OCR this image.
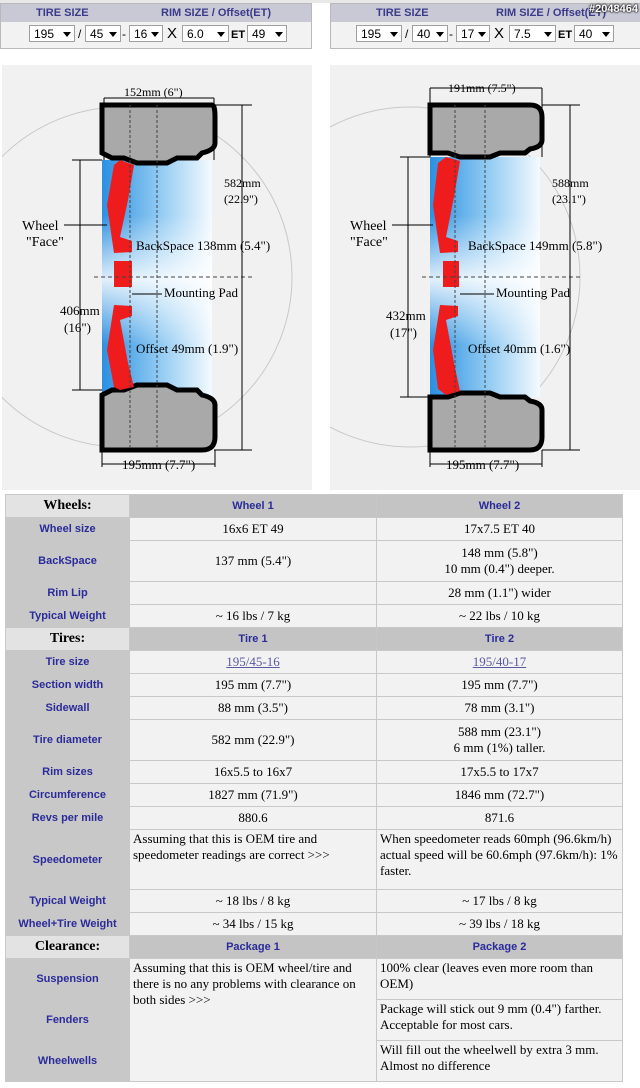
TIRE SIZE	RIM SIZE / Offset(ET)
195	/ 45	- 16	X 6.0	ET 49
TIRE SIZE	RIM SIZE / Offset(ET)
195	/ 40	- 17	X 7.5	ET 40
#2048464
152mm (6")
582mm
(22.9")
Wheel
"Face"	BackSpace 138mm (5.4")
Mounting Pad
406mm
(16")
Offset 49mm (1.9")
195mm (7.7")
191mm (7.5")
588mm
(23.1")
Wheel
"Face"	BackSpace 149mm (5.8")
Mounting Pad
432mm
(17")
Offset 40mm (1.6")
195mm (7.7")
Wheels:	Wheel 1	Wheel 2
Wheel size	16x6 ET 49	17x7.5 ET 40
BackSpace	137 mm (5.4")	148 mm (5.8")
10 mm (0.4") deeper.

Rim Lip		28 mm (1.1") wider
Typical Weight	~ 16 lbs / 7 kg	~ 22 lbs / 10 kg
Tires:	Tire 1	Tire 2
Tire size	195/45-16	195/40-17
Section width	195 mm (7.7")	195 mm (7.7")
Sidewall	88 mm (3.5")	78 mm (3.1")
Tire diameter	582 mm (22.9")	588 mm (23.1")
6 mm (1%) taller.

Rim sizes	16x5.5 to 16x7	17x5.5 to 17x7
Circumference	1827 mm (71.9")	1846 mm (72.7")
Revs per mile	880.6	871.6
Speedometer	Assuming that this is OEM tire and speedometer readings are correct >>>	When speedometer reads 60mph (96.6km/h) actual speed will be 60.6mph (97.6km/h): 1% faster.
Typical Weight	~ 18 lbs / 8 kg	~ 17 lbs / 8 kg
Wheel+Tire Weight	~ 34 lbs / 15 kg	~ 39 lbs / 18 kg
Clearance:	Package 1	Package 2
Suspension	Assuming that this is OEM wheel/tire and there is no any problems with clearance on both sides >>>	100% clear (leaves even more room than OEM)
Fenders		Package will stick out 9 mm (0.4") farther. Acceptable for most cars.
Wheelwells		Will fill out the wheelwell by extra 3 mm. Almost no difference
